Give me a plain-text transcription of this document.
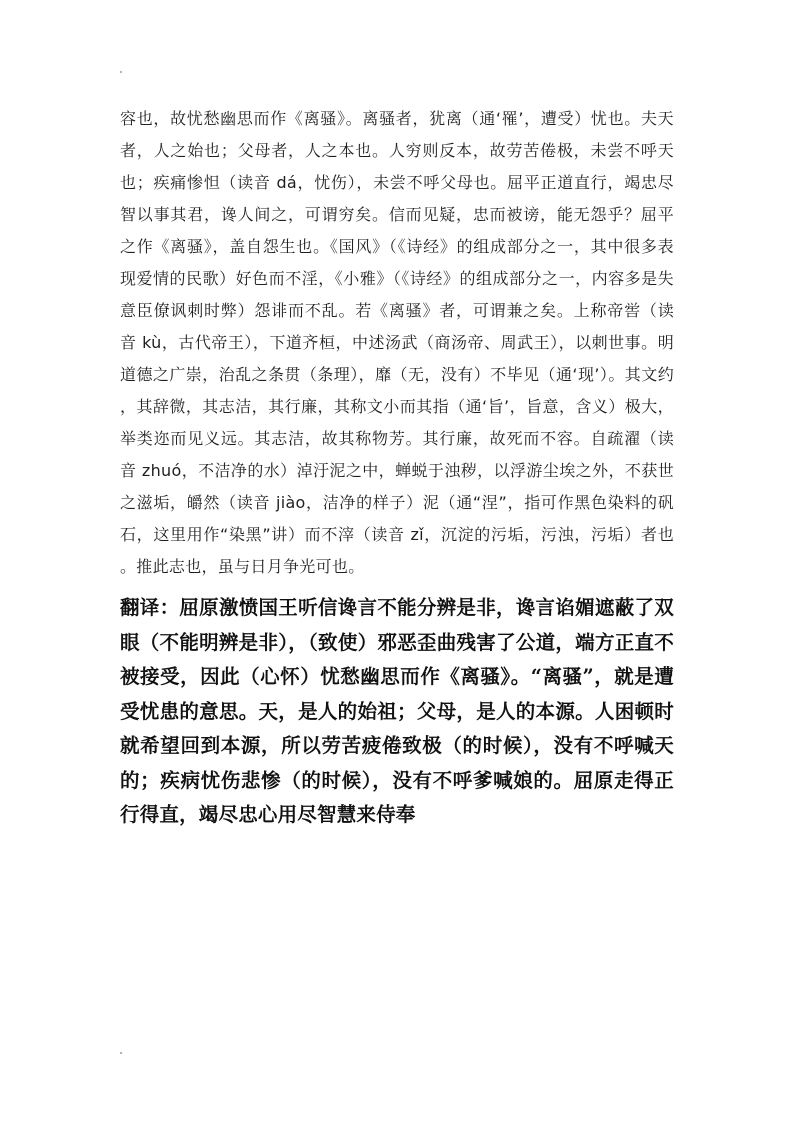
容也，故忧愁幽思而作《离骚》。离骚者，犹离（通‘罹’，遭受）忧也。夫天者，人之始也；父母者，人之本也。人穷则反本，故劳苦倦极，未尝不呼天也；疾痛惨怛（读音 dá，忧伤），未尝不呼父母也。屈平正道直行，竭忠尽智以事其君，谗人间之，可谓穷矣。信而见疑，忠而被谤，能无怨乎？屈平之作《离骚》，盖自怨生也。《国风》（《诗经》的组成部分之一，其中很多表现爱情的民歌）好色而不淫，《小雅》（《诗经》的组成部分之一，内容多是失意臣僚讽刺时弊）怨诽而不乱。若《离骚》者，可谓兼之矣。上称帝喾（读音 kù，古代帝王），下道齐桓，中述汤武（商汤帝、周武王），以刺世事。明道德之广崇，治乱之条贯（条理），靡（无，没有）不毕见（通‘现’）。其文约，其辞微，其志洁，其行廉，其称文小而其指（通‘旨’，旨意，含义）极大，举类迩而见义远。其志洁，故其称物芳。其行廉，故死而不容。自疏濯（读音 zhuó，不洁净的水）淖汙泥之中，蝉蜕于浊秽，以浮游尘埃之外，不获世之滋垢，皭然（读音 jiào，洁净的样子）泥（通“涅”，指可作黑色染料的矾石，这里用作“染黑”讲）而不滓（读音 zǐ，沉淀的污垢，污浊，污垢）者也。推此志也，虽与日月争光可也。

翻译：屈原激愤国王听信谗言不能分辨是非，谗言谄媚遮蔽了双眼（不能明辨是非），（致使）邪恶歪曲残害了公道，端方正直不被接受，因此（心怀）忧愁幽思而作《离骚》。“离骚”，就是遭受忧患的意思。天，是人的始祖；父母，是人的本源。人困顿时就希望回到本源，所以劳苦疲倦致极（的时候），没有不呼喊天的；疾病忧伤悲惨（的时候），没有不呼爹喊娘的。屈原走得正行得直，竭尽忠心用尽智慧来侍奉
